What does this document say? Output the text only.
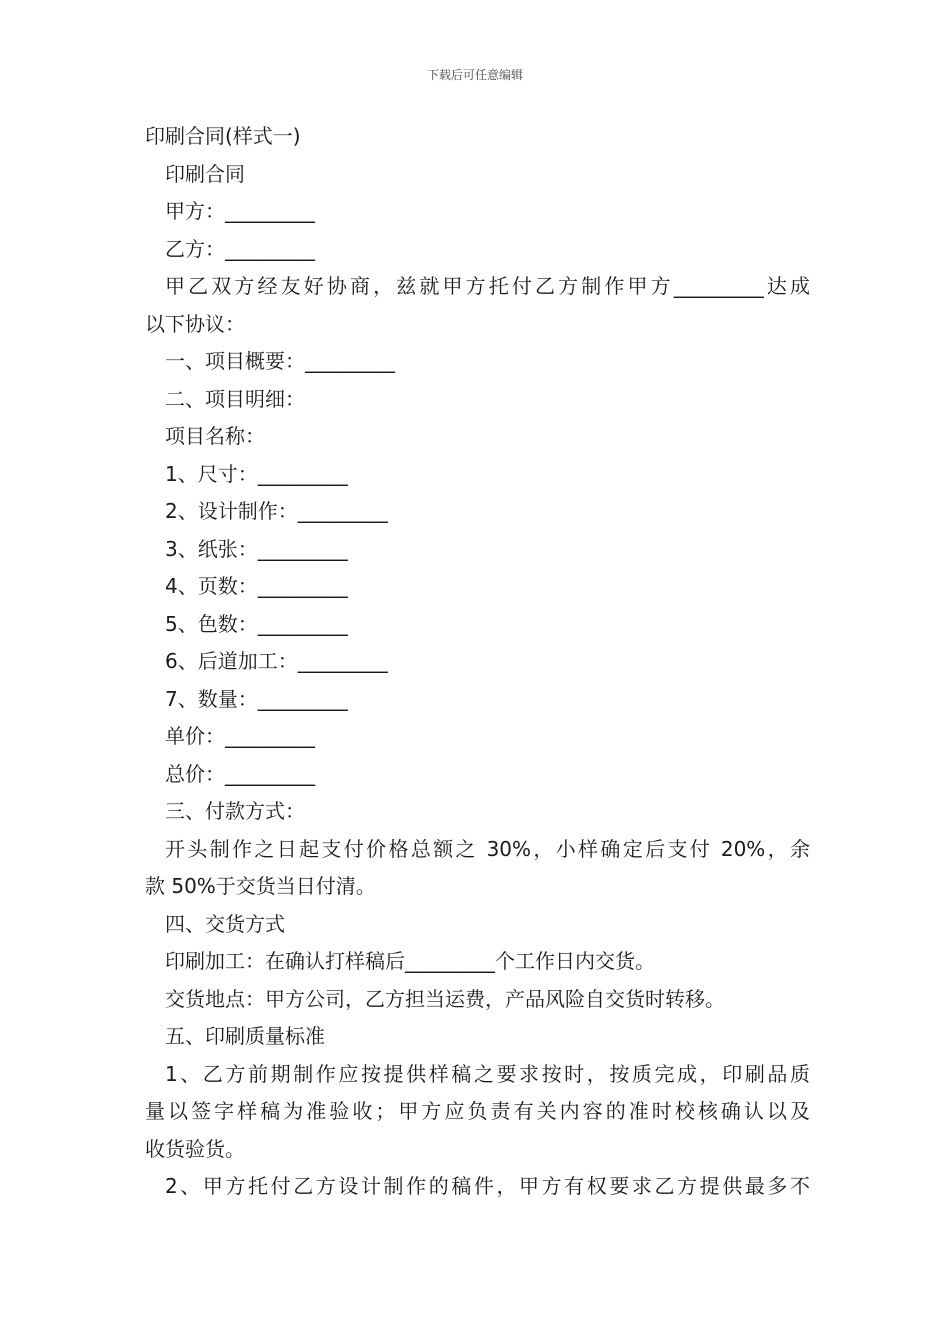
下载后可任意编辑
印刷合同(样式一)
印刷合同
甲方：_________
乙方：_________
甲乙双方经友好协商，兹就甲方托付乙方制作甲方_________达成
以下协议：
一、项目概要：_________
二、项目明细：
项目名称：
1、尺寸：_________
2、设计制作：_________
3、纸张：_________
4、页数：_________
5、色数：_________
6、后道加工：_________
7、数量：_________
单价：_________
总价：_________
三、付款方式：
开头制作之日起支付价格总额之 30%，小样确定后支付 20%，余
款 50%于交货当日付清。
四、交货方式
印刷加工：在确认打样稿后_________个工作日内交货。
交货地点：甲方公司，乙方担当运费，产品风险自交货时转移。
五、印刷质量标准
1、乙方前期制作应按提供样稿之要求按时，按质完成，印刷品质
量以签字样稿为准验收；甲方应负责有关内容的准时校核确认以及
收货验货。
2、甲方托付乙方设计制作的稿件，甲方有权要求乙方提供最多不
